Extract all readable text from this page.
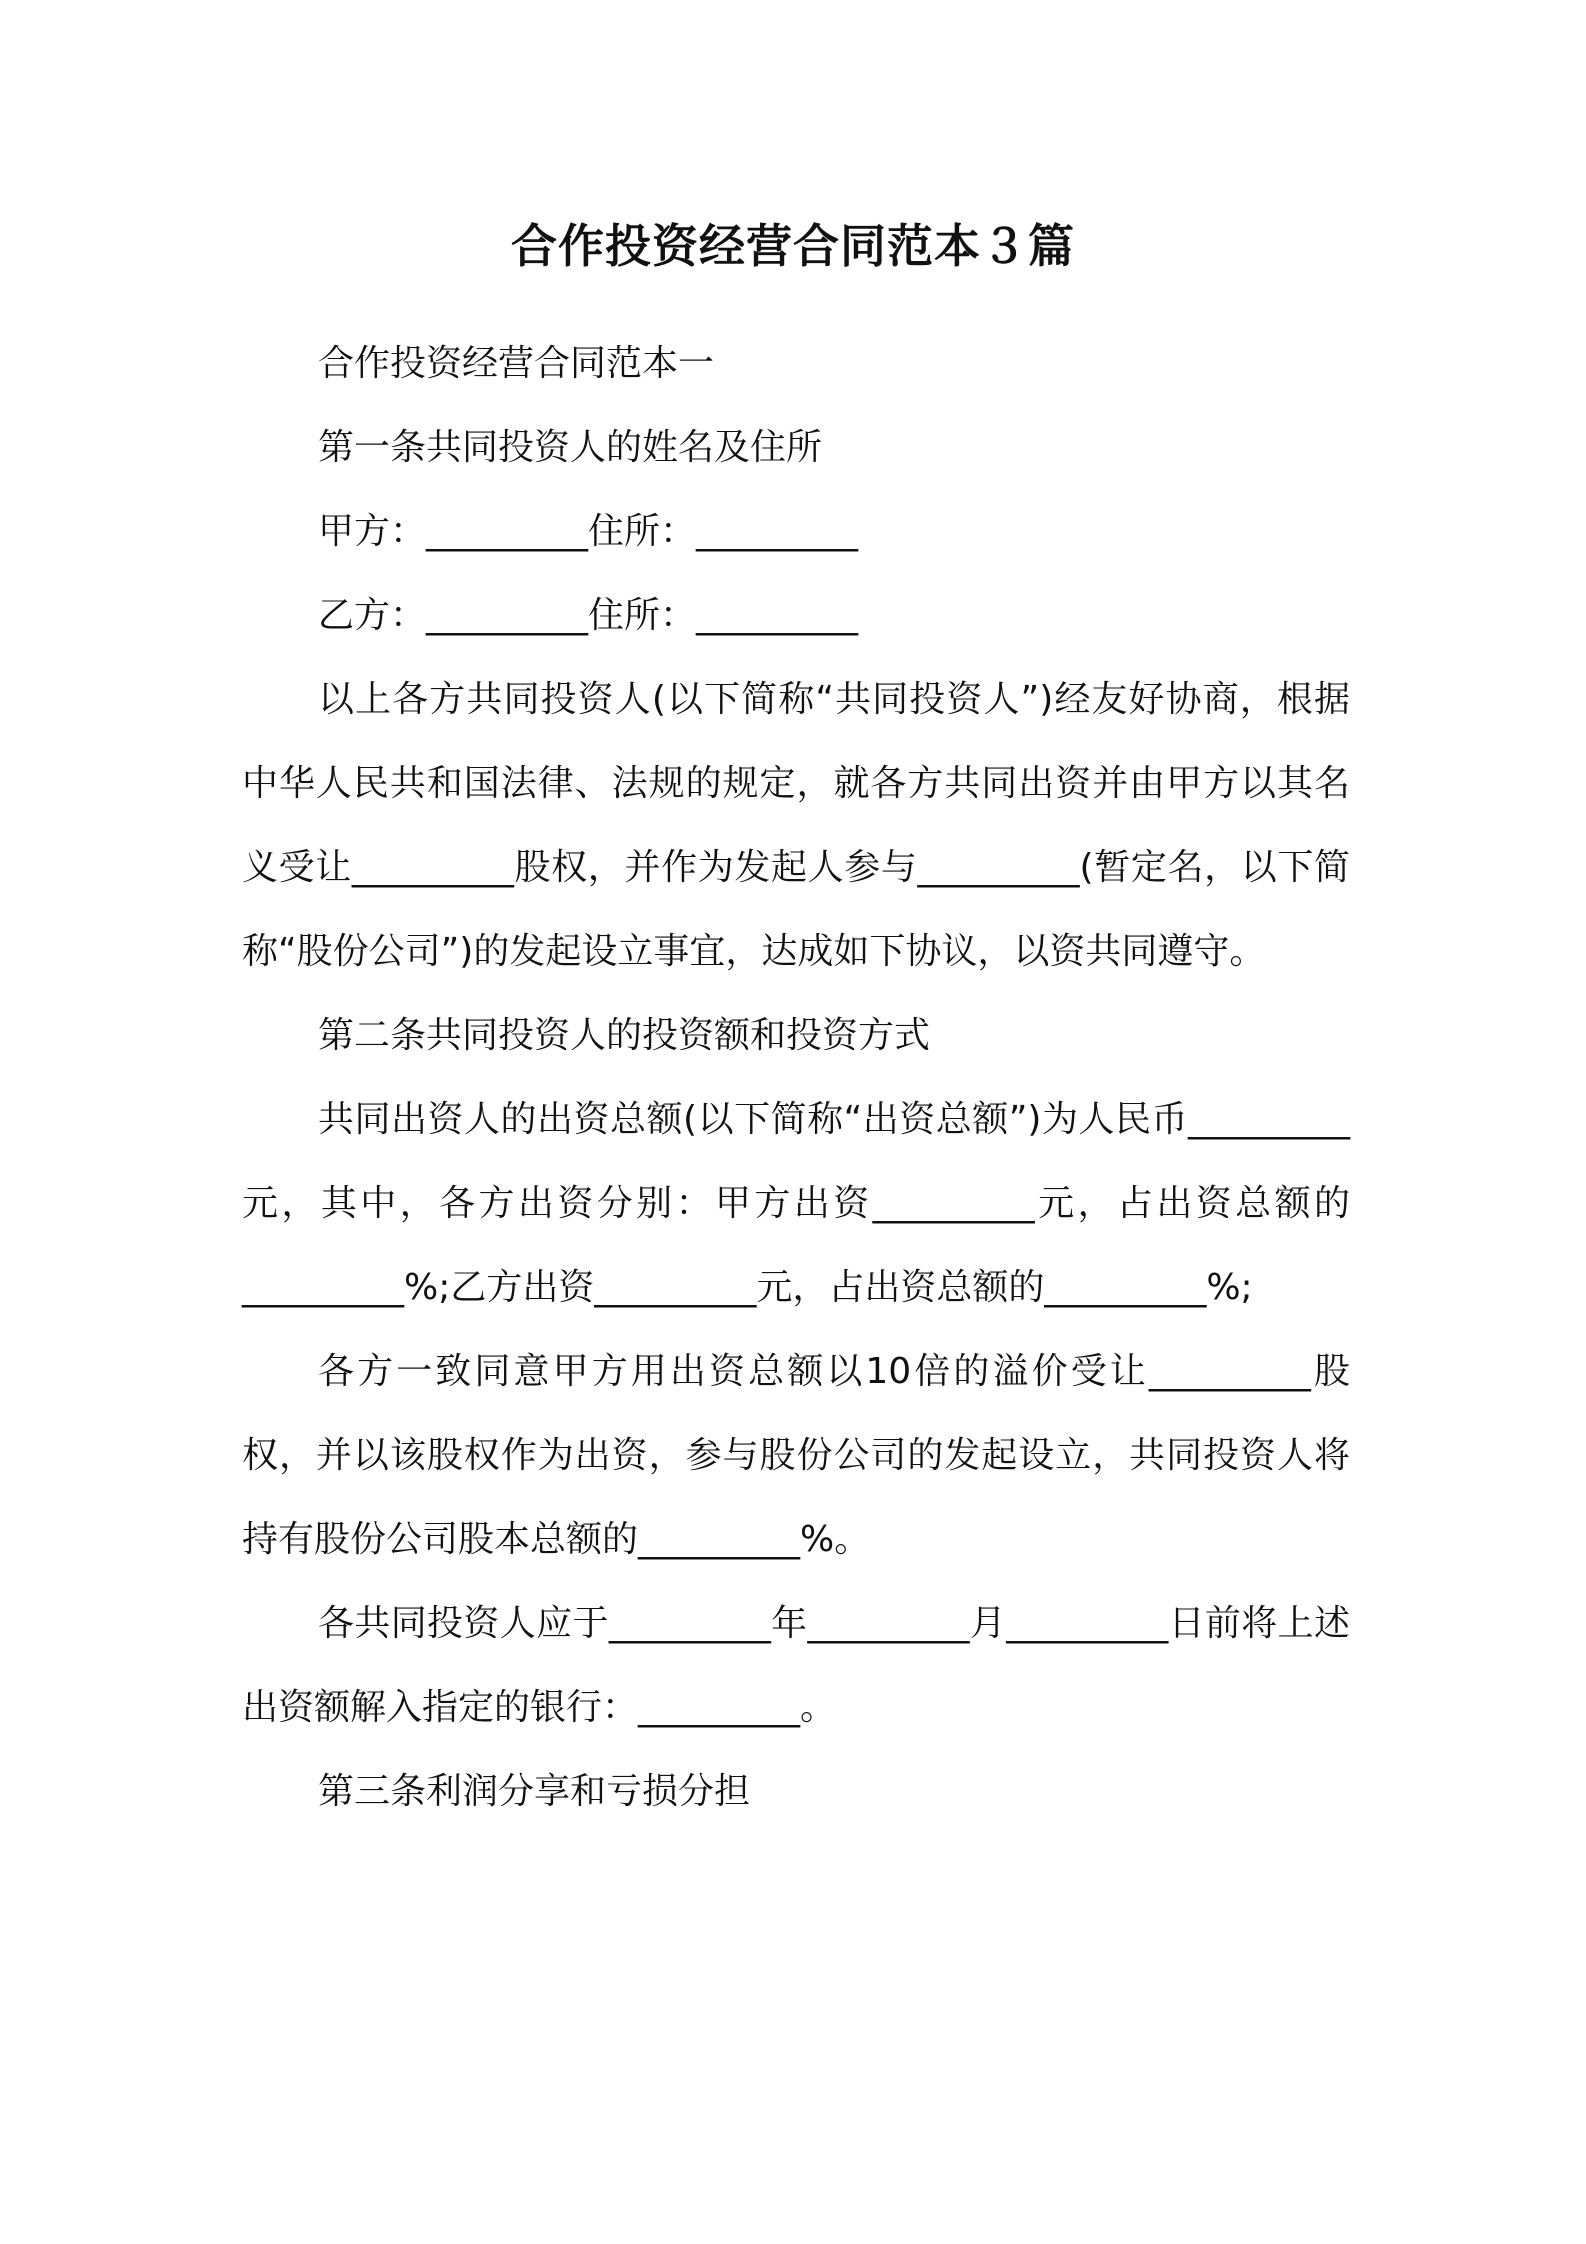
合作投资经营合同范本３篇

合作投资经营合同范本一

第一条共同投资人的姓名及住所

甲方：_________住所：_________

乙方：_________住所：_________

以上各方共同投资人(以下简称“共同投资人”)经友好协商，根据中华人民共和国法律、法规的规定，就各方共同出资并由甲方以其名义受让_________股权，并作为发起人参与_________(暂定名，以下简称“股份公司”)的发起设立事宜，达成如下协议，以资共同遵守。

第二条共同投资人的投资额和投资方式

共同出资人的出资总额(以下简称“出资总额”)为人民币_________元，其中，各方出资分别：甲方出资_________元，占出资总额的_________%;乙方出资_________元，占出资总额的_________%;

各方一致同意甲方用出资总额以10倍的溢价受让_________股权，并以该股权作为出资，参与股份公司的发起设立，共同投资人将持有股份公司股本总额的_________%。

各共同投资人应于_________年_________月_________日前将上述出资额解入指定的银行：_________。

第三条利润分享和亏损分担
